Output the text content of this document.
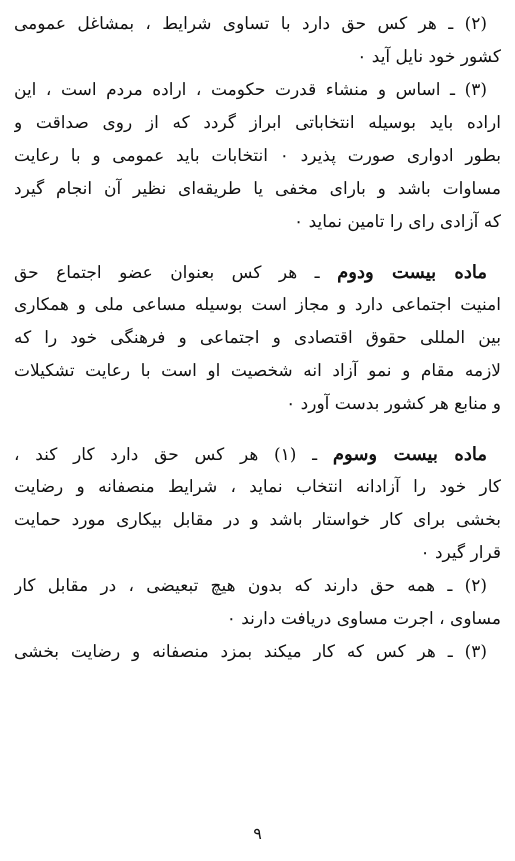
(۲) ـ هر کس حق دارد با تساوی شرایط ، بمشاغل عمومی
کشور خود نایل آید ٠
(۳) ـ اساس و منشاء قدرت حکومت ، اراده مردم است ، این
اراده باید بوسیله انتخاباتی ابراز گردد که از روی صداقت و
بطور ادواری صورت پذیرد ٠ انتخابات باید عمومی و با رعایت
مساوات باشد و بارای مخفی یا طریقه‌ای نظیر آن انجام گیرد
که آزادی رای را تامین نماید ٠
ماده بیست ودوم ـ هر کس بعنوان عضو اجتماع حق
امنیت اجتماعی دارد و مجاز است بوسیله مساعی ملی و همکاری
بین المللی حقوق اقتصادی و اجتماعی و فرهنگی خود را که
لازمه مقام و نمو آزاد انه شخصیت او است با رعایت تشکیلات
و منابع هر کشور بدست آورد ٠
ماده بیست وسوم ـ (۱) هر کس حق دارد کار کند ،
کار خود را آزادانه انتخاب نماید ، شرایط منصفانه و رضایت
بخشی برای کار خواستار باشد و در مقابل بیکاری مورد حمایت
قرار گیرد ٠
(۲) ـ همه حق دارند که بدون هیچ تبعیضی ، در مقابل کار
مساوی ، اجرت مساوی دریافت دارند ٠
(۳) ـ هر کس که کار میکند بمزد منصفانه و رضایت بخشی
۹
